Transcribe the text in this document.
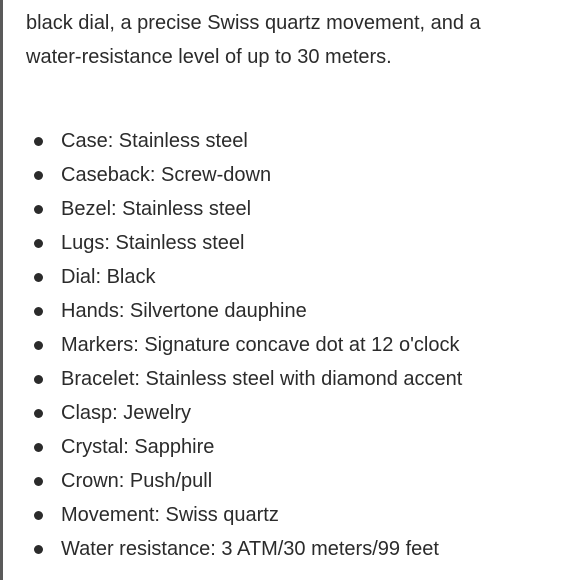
black dial, a precise Swiss quartz movement, and a
water-resistance level of up to 30 meters.

Case: Stainless steel
Caseback: Screw-down
Bezel: Stainless steel
Lugs: Stainless steel
Dial: Black
Hands: Silvertone dauphine
Markers: Signature concave dot at 12 o'clock
Bracelet: Stainless steel with diamond accent
Clasp: Jewelry
Crystal: Sapphire
Crown: Push/pull
Movement: Swiss quartz
Water resistance: 3 ATM/30 meters/99 feet
